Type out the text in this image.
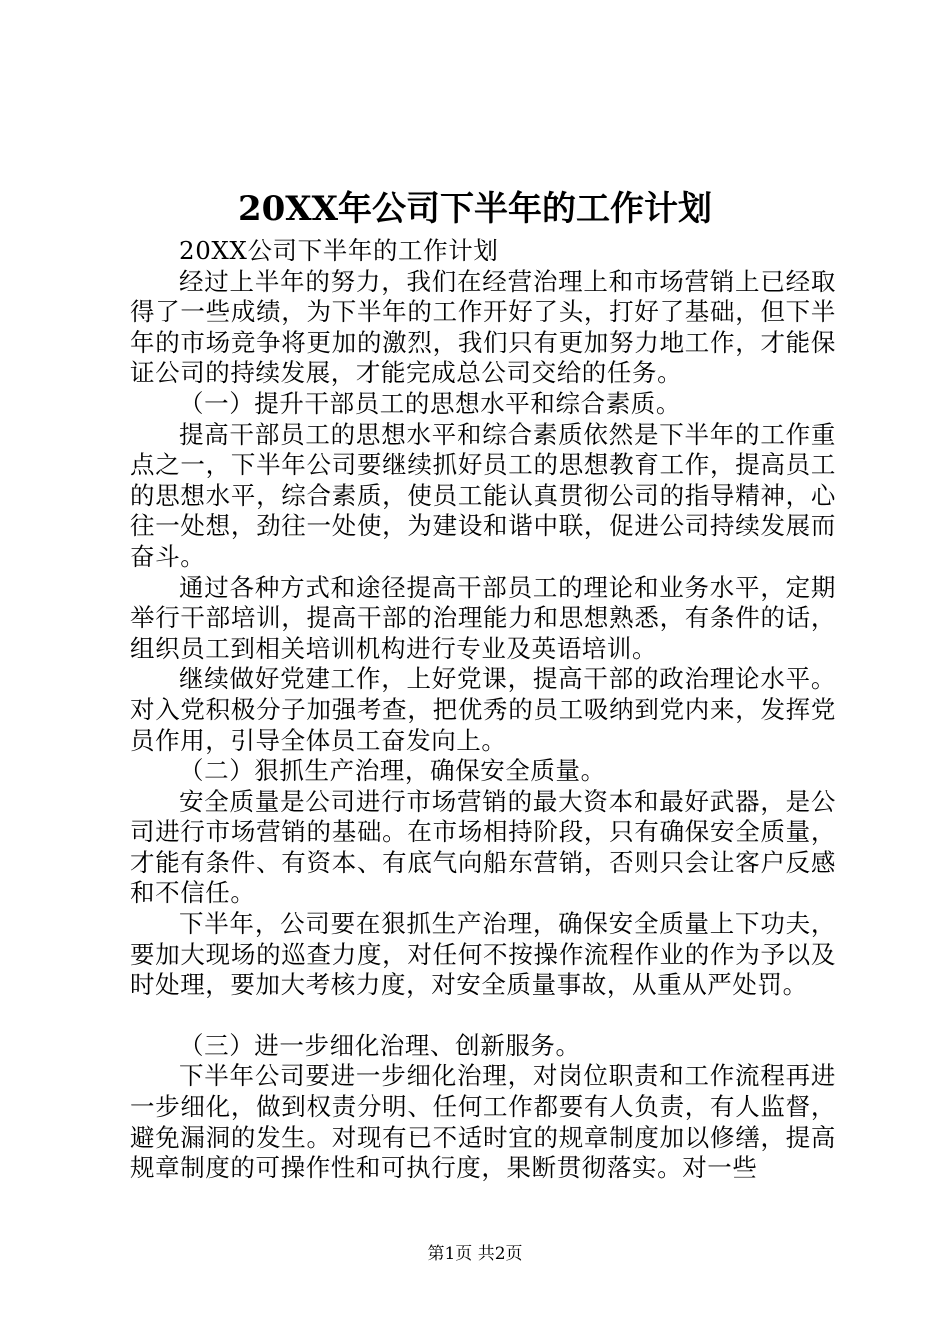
20XX年公司下半年的工作计划

20XX公司下半年的工作计划

经过上半年的努力，我们在经营治理上和市场营销上已经取得了一些成绩，为下半年的工作开好了头，打好了基础，但下半年的市场竞争将更加的激烈，我们只有更加努力地工作，才能保证公司的持续发展，才能完成总公司交给的任务。

（一）提升干部员工的思想水平和综合素质。

提高干部员工的思想水平和综合素质依然是下半年的工作重点之一，下半年公司要继续抓好员工的思想教育工作，提高员工的思想水平，综合素质，使员工能认真贯彻公司的指导精神，心往一处想，劲往一处使，为建设和谐中联，促进公司持续发展而奋斗。

通过各种方式和途径提高干部员工的理论和业务水平，定期举行干部培训，提高干部的治理能力和思想熟悉，有条件的话，组织员工到相关培训机构进行专业及英语培训。

继续做好党建工作，上好党课，提高干部的政治理论水平。对入党积极分子加强考查，把优秀的员工吸纳到党内来，发挥党员作用，引导全体员工奋发向上。

（二）狠抓生产治理，确保安全质量。

安全质量是公司进行市场营销的最大资本和最好武器，是公司进行市场营销的基础。在市场相持阶段，只有确保安全质量，才能有条件、有资本、有底气向船东营销，否则只会让客户反感和不信任。

下半年，公司要在狠抓生产治理，确保安全质量上下功夫，要加大现场的巡查力度，对任何不按操作流程作业的作为予以及时处理，要加大考核力度，对安全质量事故，从重从严处罚。

（三）进一步细化治理、创新服务。

下半年公司要进一步细化治理，对岗位职责和工作流程再进一步细化，做到权责分明、任何工作都要有人负责，有人监督，避免漏洞的发生。对现有已不适时宜的规章制度加以修缮，提高规章制度的可操作性和可执行度，果断贯彻落实。对一些

第1页 共2页
